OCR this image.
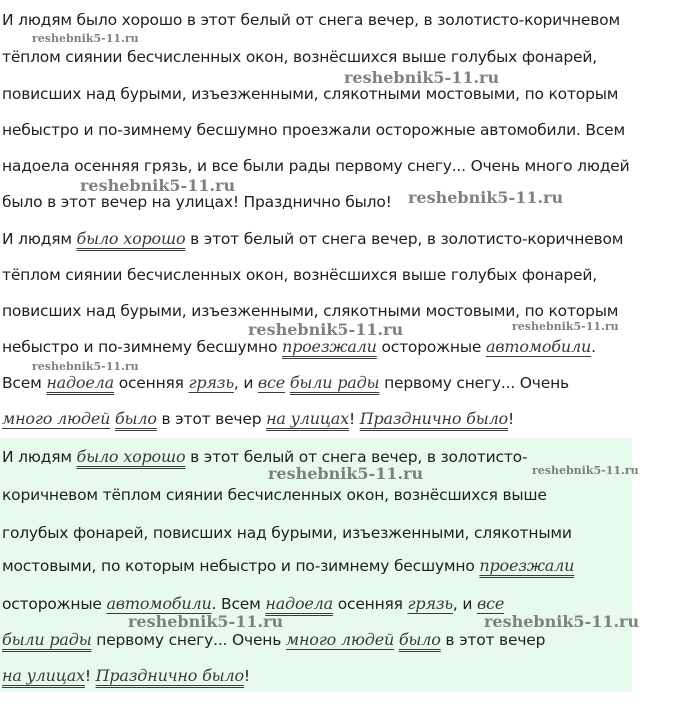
И людям было хорошо в этот белый от снега вечер, в золотисто-коричневом
тёплом сиянии бесчисленных окон, вознёсшихся выше голубых фонарей,
повисших над бурыми, изъезженными, слякотными мостовыми, по которым
небыстро и по-зимнему бесшумно проезжали осторожные автомобили. Всем
надоела осенняя грязь, и все были рады первому снегу... Очень много людей
было в этот вечер на улицах! Празднично было!
И людям было хорошо в этот белый от снега вечер, в золотисто-коричневом
тёплом сиянии бесчисленных окон, вознёсшихся выше голубых фонарей,
повисших над бурыми, изъезженными, слякотными мостовыми, по которым
небыстро и по-зимнему бесшумно проезжали осторожные автомобили.
Всем надоела осенняя грязь, и все были рады первому снегу... Очень
много людей было в этот вечер на улицах! Празднично было!
И людям было хорошо в этот белый от снега вечер, в золотисто-
коричневом тёплом сиянии бесчисленных окон, вознёсшихся выше
голубых фонарей, повисших над бурыми, изъезженными, слякотными
мостовыми, по которым небыстро и по-зимнему бесшумно проезжали
осторожные автомобили. Всем надоела осенняя грязь, и все
были рады первому снегу... Очень много людей было в этот вечер
на улицах! Празднично было!
reshebnik5-11.ru
reshebnik5-11.ru
reshebnik5-11.ru
reshebnik5-11.ru
reshebnik5-11.ru	reshebnik5-11.ru
reshebnik5-11.ru
reshebnik5-11.ru	reshebnik5-11.ru
reshebnik5-11.ru	reshebnik5-11.ru
